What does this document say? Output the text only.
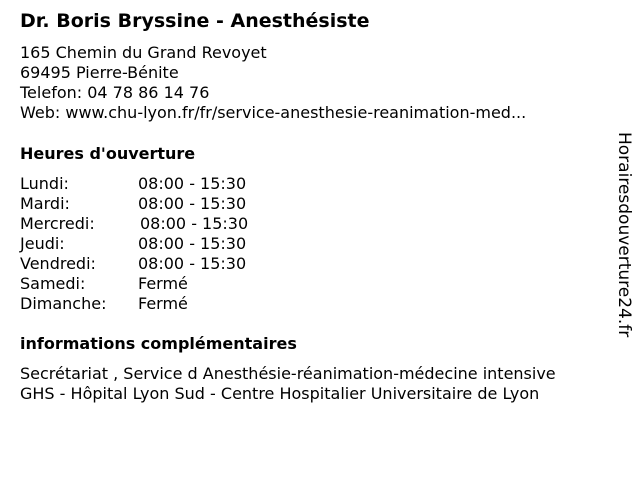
Dr. Boris Bryssine - Anesthésiste
165 Chemin du Grand Revoyet
69495 Pierre-Bénite
Telefon: 04 78 86 14 76
Web: www.chu-lyon.fr/fr/service-anesthesie-reanimation-med...
Heures d'ouverture
Lundi:	08:00 - 15:30
Mardi:	08:00 - 15:30
Mercredi:	08:00 - 15:30
Jeudi:	08:00 - 15:30
Vendredi:	08:00 - 15:30
Samedi:	Fermé
Dimanche: Fermé
informations complémentaires
Secrétariat , Service d Anesthésie-réanimation-médecine intensive
GHS - Hôpital Lyon Sud - Centre Hospitalier Universitaire de Lyon
Horairesdouverture24.fr
